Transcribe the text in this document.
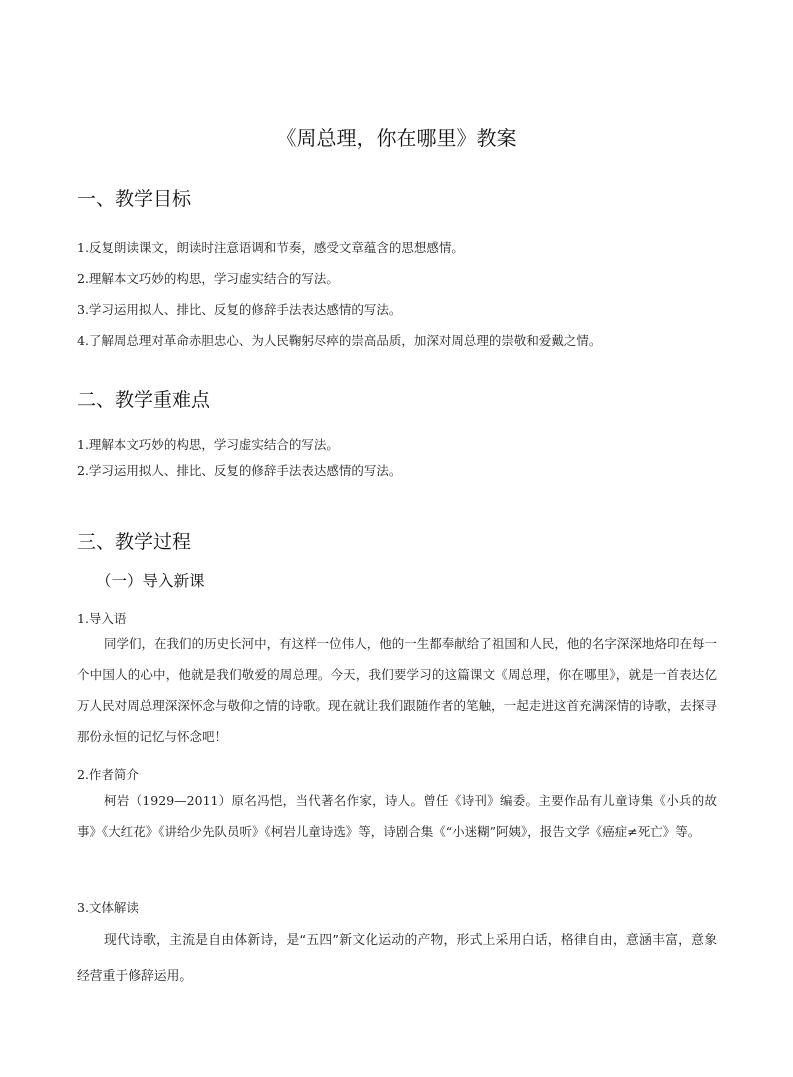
《周总理，你在哪里》教案
一、教学目标
1.反复朗读课文，朗读时注意语调和节奏，感受文章蕴含的思想感情。
2.理解本文巧妙的构思，学习虚实结合的写法。
3.学习运用拟人、排比、反复的修辞手法表达感情的写法。
4.了解周总理对革命赤胆忠心、为人民鞠躬尽瘁的崇高品质，加深对周总理的崇敬和爱戴之情。
二、教学重难点
1.理解本文巧妙的构思，学习虚实结合的写法。
2.学习运用拟人、排比、反复的修辞手法表达感情的写法。
三、教学过程
（一）导入新课
1.导入语

同学们，在我们的历史长河中，有这样一位伟人，他的一生都奉献给了祖国和人民，他的名字深深地烙印在每一个中国人的心中，他就是我们敬爱的周总理。今天，我们要学习的这篇课文《周总理，你在哪里》，就是一首表达亿万人民对周总理深深怀念与敬仰之情的诗歌。现在就让我们跟随作者的笔触，一起走进这首充满深情的诗歌，去探寻那份永恒的记忆与怀念吧！

2.作者简介

柯岩（1929—2011）原名冯恺，当代著名作家，诗人。曾任《诗刊》编委。主要作品有儿童诗集《小兵的故事》《大红花》《讲给少先队员听》《柯岩儿童诗选》等，诗剧合集《“小迷糊”阿姨》，报告文学《癌症≠死亡》等。

3.文体解读

现代诗歌，主流是自由体新诗，是“五四”新文化运动的产物，形式上采用白话，格律自由，意涵丰富，意象经营重于修辞运用。
